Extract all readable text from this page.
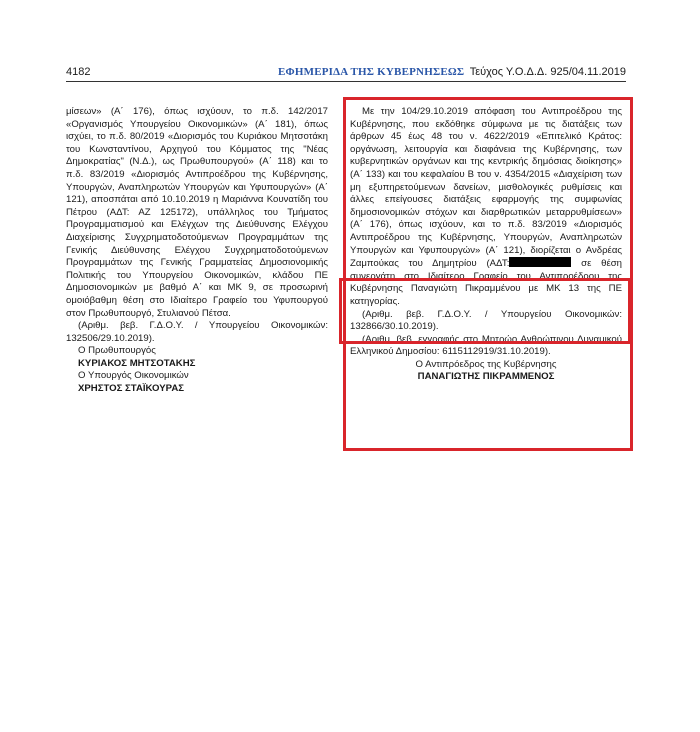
4182	ΕΦΗΜΕΡΙΔΑ ΤΗΣ ΚΥΒΕΡΝΗΣΕΩΣ Τεύχος Υ.Ο.Δ.Δ. 925/04.11.2019

μίσεων» (Α΄ 176), όπως ισχύουν, το π.δ. 142/2017 «Οργανισμός Υπουργείου Οικονομικών» (Α΄ 181), όπως ισχύει, το π.δ. 80/2019 «Διορισμός του Κυριάκου Μητσοτάκη του Κωνσταντίνου, Αρχηγού του Κόμματος της "Νέας Δημοκρατίας" (Ν.Δ.), ως Πρωθυπουργού» (Α΄ 118) και το π.δ. 83/2019 «Διορισμός Αντιπροέδρου της Κυβέρνησης, Υπουργών, Αναπληρωτών Υπουργών και Υφυπουργών» (Α΄ 121), αποσπάται από 10.10.2019 η Μαριάννα Κουνατίδη του Πέτρου (ΑΔΤ: ΑΖ 125172), υπάλληλος του Τμήματος Προγραμματισμού και Ελέγχων της Διεύθυνσης Ελέγχου Διαχείρισης Συγχρηματοδοτούμενων Προγραμμάτων της Γενικής Διεύθυνσης Ελέγχου Συγχρηματοδοτούμενων Προγραμμάτων της Γενικής Γραμματείας Δημοσιονομικής Πολιτικής του Υπουργείου Οικονομικών, κλάδου ΠΕ Δημοσιονομικών με βαθμό Α΄ και ΜΚ 9, σε προσωρινή ομοιόβαθμη θέση στο Ιδιαίτερο Γραφείο του Υφυπουργού στον Πρωθυπουργό, Στυλιανού Πέτσα.

(Αριθμ. βεβ. Γ.Δ.Ο.Υ. / Υπουργείου Οικονομικών: 132506/29.10.2019).

Ο Πρωθυπουργός

ΚΥΡΙΑΚΟΣ ΜΗΤΣΟΤΑΚΗΣ

Ο Υπουργός Οικονομικών

ΧΡΗΣΤΟΣ ΣΤΑΪΚΟΥΡΑΣ

Με την 104/29.10.2019 απόφαση του Αντιπροέδρου της Κυβέρνησης, που εκδόθηκε σύμφωνα με τις διατάξεις των άρθρων 45 έως 48 του ν. 4622/2019 «Επιτελικό Κράτος: οργάνωση, λειτουργία και διαφάνεια της Κυβέρνησης, των κυβερνητικών οργάνων και της κεντρικής δημόσιας διοίκησης» (Α΄ 133) και του κεφαλαίου Β του ν. 4354/2015 «Διαχείριση των μη εξυπηρετούμενων δανείων, μισθολογικές ρυθμίσεις και άλλες επείγουσες διατάξεις εφαρμογής της συμφωνίας δημοσιονομικών στόχων και διαρθρωτικών μεταρρυθμίσεων» (Α΄ 176), όπως ισχύουν, και το π.δ. 83/2019 «Διορισμός Αντιπροέδρου της Κυβέρνησης, Υπουργών, Αναπληρωτών Υπουργών και Υφυπουργών» (Α΄ 121), διορίζεται ο Ανδρέας Ζαμπούκας του Δημητρίου (ΑΔΤ:	σε θέση συνεργάτη στο Ιδιαίτερο Γραφείο του Αντιπροέδρου της Κυβέρνησης Παναγιώτη Πικραμμένου με ΜΚ 13 της ΠΕ κατηγορίας.

(Αριθμ. βεβ. Γ.Δ.Ο.Υ. / Υπουργείου Οικονομικών: 132866/30.10.2019).

(Αριθμ. βεβ. εγγραφής στο Μητρώο Ανθρώπινου Δυναμικού Ελληνικού Δημοσίου: 6115112919/31.10.2019).

Ο Αντιπρόεδρος της Κυβέρνησης

ΠΑΝΑΓΙΩΤΗΣ ΠΙΚΡΑΜΜΕΝΟΣ
